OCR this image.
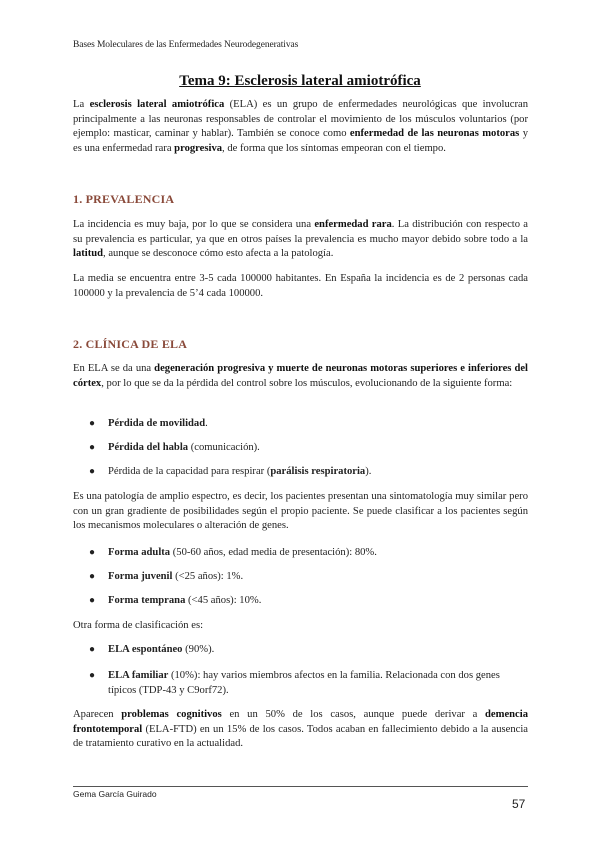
Bases Moleculares de las Enfermedades Neurodegenerativas
Tema 9: Esclerosis lateral amiotrófica

La esclerosis lateral amiotrófica (ELA) es un grupo de enfermedades neurológicas que involucran principalmente a las neuronas responsables de controlar el movimiento de los músculos voluntarios (por ejemplo: masticar, caminar y hablar). También se conoce como enfermedad de las neuronas motoras y es una enfermedad rara progresiva, de forma que los síntomas empeoran con el tiempo.

1. PREVALENCIA

La incidencia es muy baja, por lo que se considera una enfermedad rara. La distribución con respecto a su prevalencia es particular, ya que en otros países la prevalencia es mucho mayor debido sobre todo a la latitud, aunque se desconoce cómo esto afecta a la patología.

La media se encuentra entre 3-5 cada 100000 habitantes. En España la incidencia es de 2 personas cada 100000 y la prevalencia de 5’4 cada 100000.

2. CLÍNICA DE ELA

En ELA se da una degeneración progresiva y muerte de neuronas motoras superiores e inferiores del córtex, por lo que se da la pérdida del control sobre los músculos, evolucionando de la siguiente forma:

● Pérdida de movilidad.
● Pérdida del habla (comunicación).
● Pérdida de la capacidad para respirar (parálisis respiratoria).

Es una patología de amplio espectro, es decir, los pacientes presentan una sintomatología muy similar pero con un gran gradiente de posibilidades según el propio paciente. Se puede clasificar a los pacientes según los mecanismos moleculares o alteración de genes.

● Forma adulta (50-60 años, edad media de presentación): 80%.
● Forma juvenil (<25 años): 1%.
● Forma temprana (<45 años): 10%.

Otra forma de clasificación es:

● ELA espontáneo (90%).
● ELA familiar (10%): hay varios miembros afectos en la familia. Relacionada con dos genes típicos (TDP-43 y C9orf72).

Aparecen problemas cognitivos en un 50% de los casos, aunque puede derivar a demencia frontotemporal (ELA-FTD) en un 15% de los casos. Todos acaban en fallecimiento debido a la ausencia de tratamiento curativo en la actualidad.

Gema García Guirado
57
